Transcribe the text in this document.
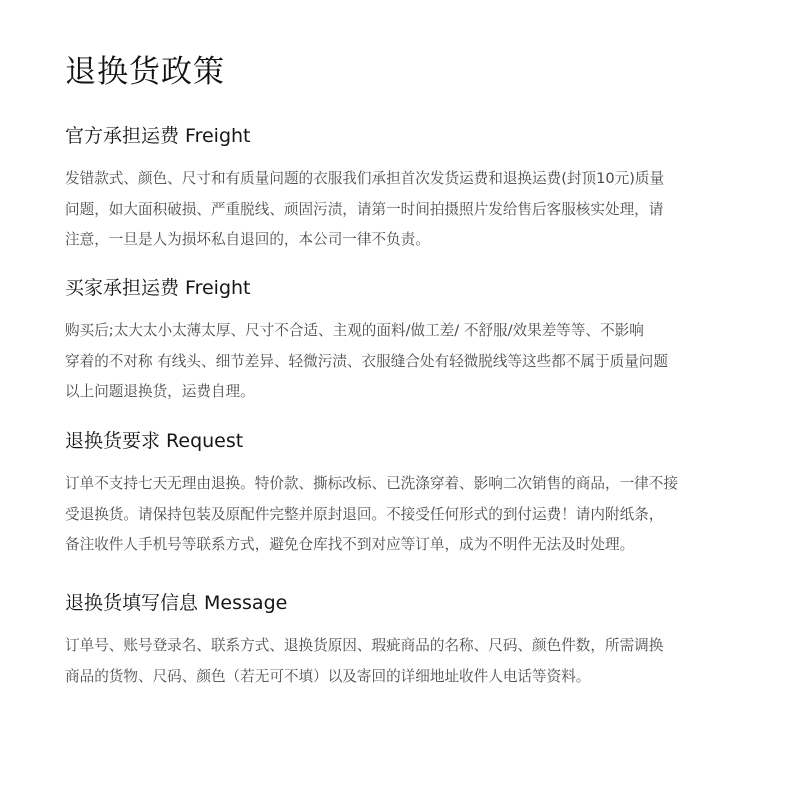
退换货政策
官方承担运费 Freight

发错款式、颜色、尺寸和有质量问题的衣服我们承担首次发货运费和退换运费(封顶10元)质量
问题，如大面积破损、严重脱线、顽固污渍，请第一时间拍摄照片发给售后客服核实处理，请
注意，一旦是人为损坏私自退回的，本公司一律不负责。

买家承担运费 Freight

购买后;太大太小太薄太厚、尺寸不合适、主观的面料/做工差/ 不舒服/效果差等等、不影响
穿着的不对称 有线头、细节差异、轻微污渍、衣服缝合处有轻微脱线等这些都不属于质量问题
以上问题退换货，运费自理。

退换货要求 Request

订单不支持七天无理由退换。特价款、撕标改标、已洗涤穿着、影响二次销售的商品，一律不接
受退换货。请保持包装及原配件完整并原封退回。不接受任何形式的到付运费！请内附纸条，
备注收件人手机号等联系方式，避免仓库找不到对应等订单，成为不明件无法及时处理。

退换货填写信息 Message

订单号、账号登录名、联系方式、退换货原因、瑕疵商品的名称、尺码、颜色件数，所需调换
商品的货物、尺码、颜色（若无可不填）以及寄回的详细地址收件人电话等资料。
